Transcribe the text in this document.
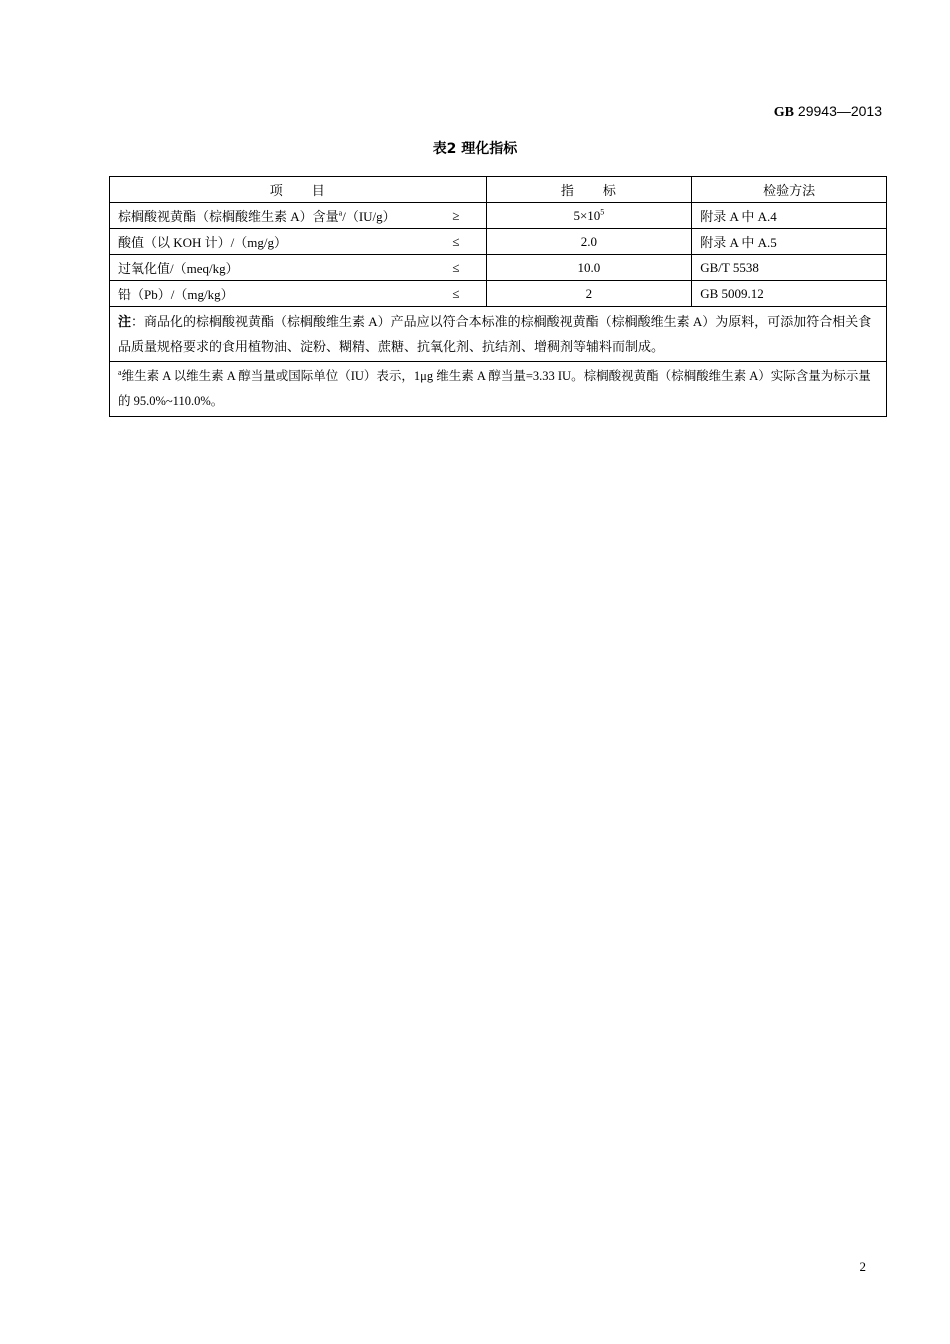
GB 29943—2013
表2 理化指标
项　　目	指　　标	检验方法

棕榈酸视黄酯（棕榈酸维生素 A）含量$^a$/（IU/g） ≥	$5\times 10^5$	附录 A 中 A.4

酸值（以 KOH 计）/（mg/g） ≤	2.0	附录 A 中 A.5

过氧化值/（meq/kg） ≤	10.0	GB/T 5538

铅（Pb）/（mg/kg） ≤	2	GB 5009.12
注：商品化的棕榈酸视黄酯（棕榈酸维生素 A）产品应以符合本标准的棕榈酸视黄酯（棕榈酸维生素 A）为原料，可添加符合相关食品质量规格要求的食用植物油、淀粉、糊精、蔗糖、抗氧化剂、抗结剂、增稠剂等辅料而制成。		
$^a$维生素 A 以维生素 A 醇当量或国际单位（IU）表示，1μg 维生素 A 醇当量=3.33 IU。棕榈酸视黄酯（棕榈酸维生素 A）实际含量为标示量的 95.0%~110.0%。		
2
